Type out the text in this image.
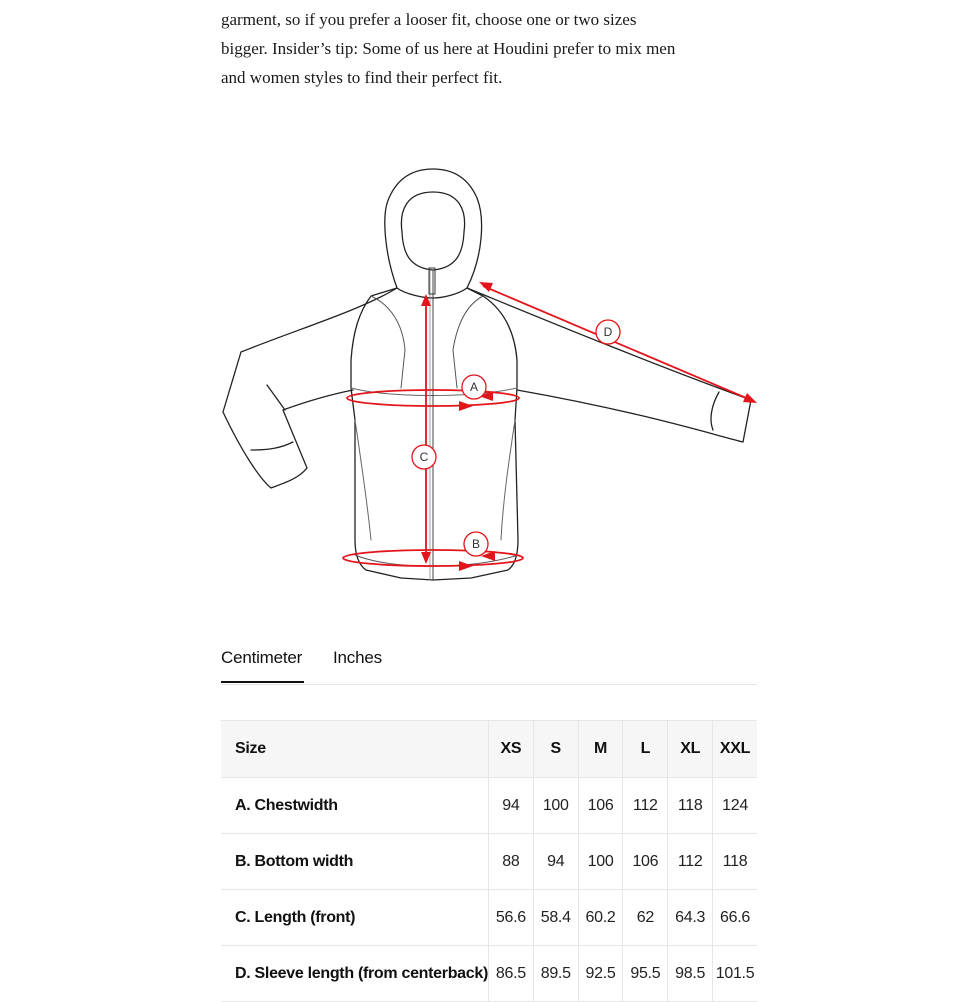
garment, so if you prefer a looser fit, choose one or two sizes

bigger. Insider’s tip: Some of us here at Houdini prefer to mix men

and women styles to find their perfect fit.

A
B
C
D
Centimeter Inches
Size	XS	S	M	L	XL	XXL
A. Chestwidth	94	100	106	112	118	124
B. Bottom width	88	94	100	106	112	118
C. Length (front)	56.6	58.4	60.2	62	64.3	66.6
D. Sleeve length (from centerback)	86.5	89.5	92.5	95.5	98.5	101.5
